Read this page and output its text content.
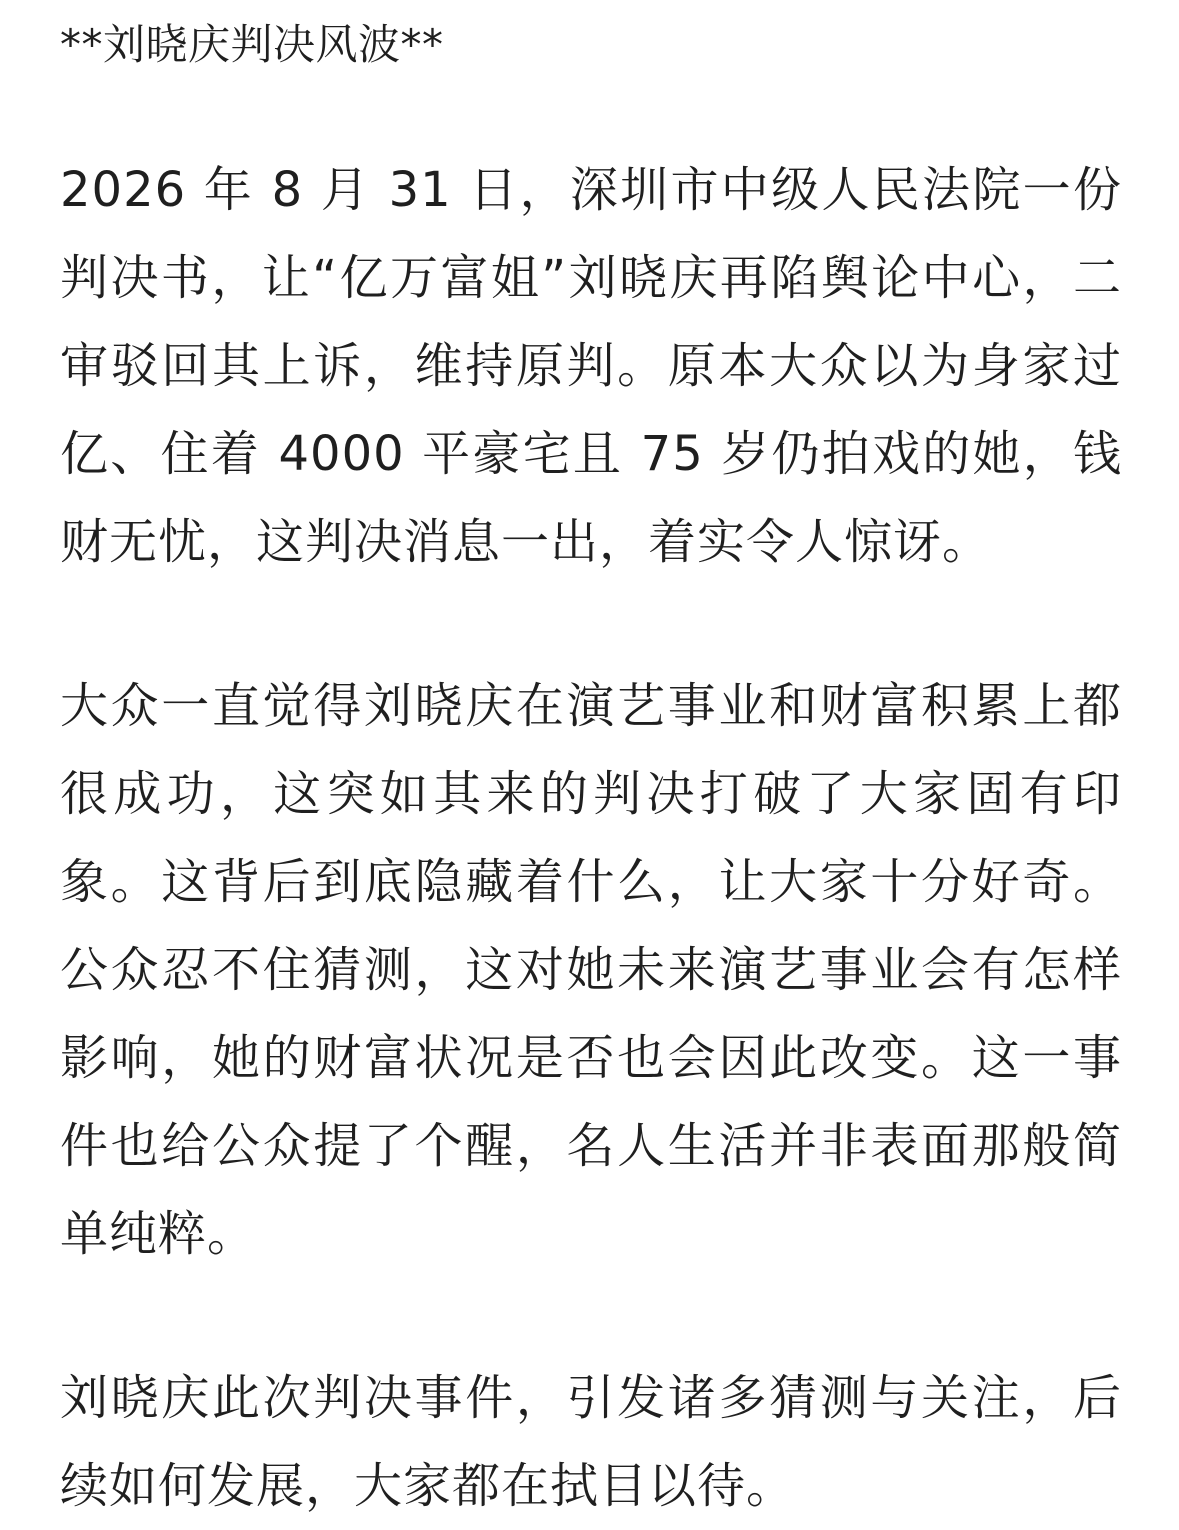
**刘晓庆判决风波**

2026 年 8 月 31 日，深圳市中级人民法院一份判决书，让“亿万富姐”刘晓庆再陷舆论中心，二审驳回其上诉，维持原判。原本大众以为身家过亿、住着 4000 平豪宅且 75 岁仍拍戏的她，钱财无忧，这判决消息一出，着实令人惊讶。

大众一直觉得刘晓庆在演艺事业和财富积累上都很成功，这突如其来的判决打破了大家固有印象。这背后到底隐藏着什么，让大家十分好奇。公众忍不住猜测，这对她未来演艺事业会有怎样影响，她的财富状况是否也会因此改变。这一事件也给公众提了个醒，名人生活并非表面那般简单纯粹。

刘晓庆此次判决事件，引发诸多猜测与关注，后续如何发展，大家都在拭目以待。
